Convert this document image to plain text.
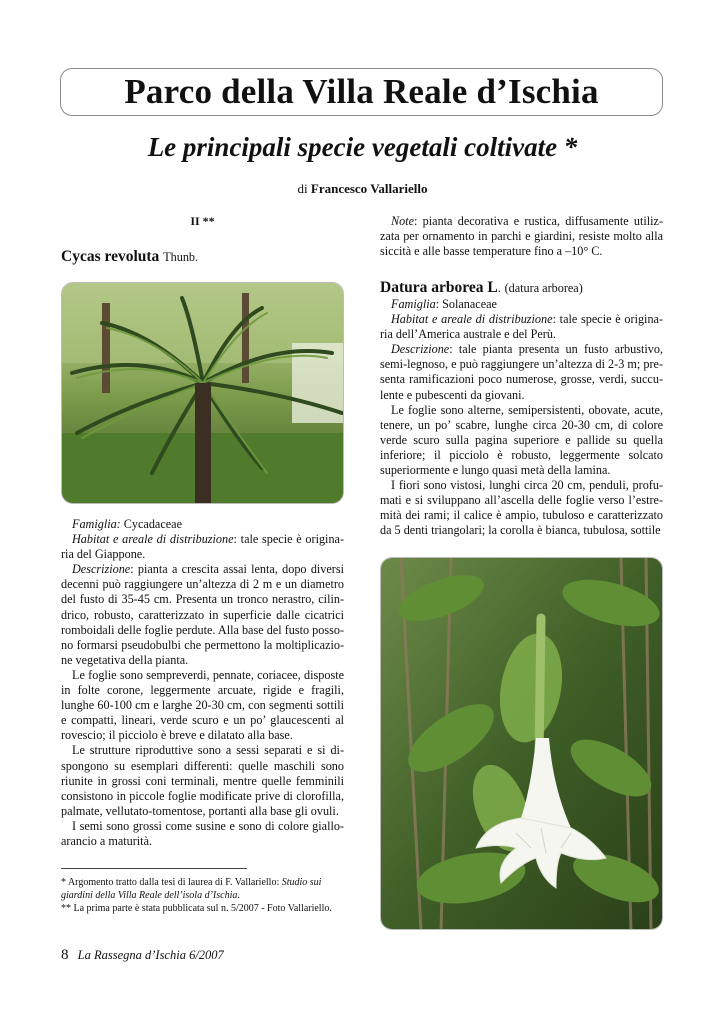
Parco della Villa Reale d’Ischia
Le principali specie vegetali coltivate *
di Francesco Vallariello
II **
Cycas revoluta Thunb.

Famiglia: Cycadaceae

Habitat e areale di distribuzione: tale specie è originaria del Giappone.

Descrizione: pianta a crescita assai lenta, dopo diversi decenni può raggiungere un’altezza di 2 m e un diametro del fusto di 35-45 cm. Presenta un tronco nerastro, cilindrico, robusto, caratterizzato in superficie dalle cicatrici romboidali delle foglie perdute. Alla base del fusto possono formarsi pseudobulbi che permettono la moltiplicazione vegetativa della pianta.

Le foglie sono sempreverdi, pennate, coriacee, disposte in folte corone, leggermente arcuate, rigide e fragili, lunghe 60-100 cm e larghe 20-30 cm, con segmenti sottili e compatti, lineari, verde scuro e un po’ glaucescenti al rovescio; il picciolo è breve e dilatato alla base.

Le strutture riproduttive sono a sessi separati e si dispongono su esemplari differenti: quelle maschili sono riunite in grossi coni terminali, mentre quelle femminili consistono in piccole foglie modificate prive di clorofilla, palmate, vellutato-tomentose, portanti alla base gli ovuli.

I semi sono grossi come susine e sono di colore giallo-arancio a maturità.

* Argomento tratto dalla tesi di laurea di F. Vallariello: Studio sui giardini della Villa Reale dell’isola d’Ischia.
** La prima parte è stata pubblicata sul n. 5/2007 - Foto Vallariello.

Note: pianta decorativa e rustica, diffusamente utilizzata per ornamento in parchi e giardini, resiste molto alla siccità e alle basse temperature fino a –10° C.

Datura arborea L. (datura arborea)

Famiglia: Solanaceae

Habitat e areale di distribuzione: tale specie è originaria dell’America australe e del Perù.

Descrizione: tale pianta presenta un fusto arbustivo, semi-legnoso, e può raggiungere un’altezza di 2-3 m; presenta ramificazioni poco numerose, grosse, verdi, succulente e pubescenti da giovani.

Le foglie sono alterne, semipersistenti, obovate, acute, tenere, un po’ scabre, lunghe circa 20-30 cm, di colore verde scuro sulla pagina superiore e pallide su quella inferiore; il picciolo è robusto, leggermente solcato superiormente e lungo quasi metà della lamina.

I fiori sono vistosi, lunghi circa 20 cm, penduli, profumati e si sviluppano all’ascella delle foglie verso l’estremità dei rami; il calice è ampio, tubuloso e caratterizzato da 5 denti triangolari; la corolla è bianca, tubulosa, sottile

8 La Rassegna d’Ischia 6/2007
